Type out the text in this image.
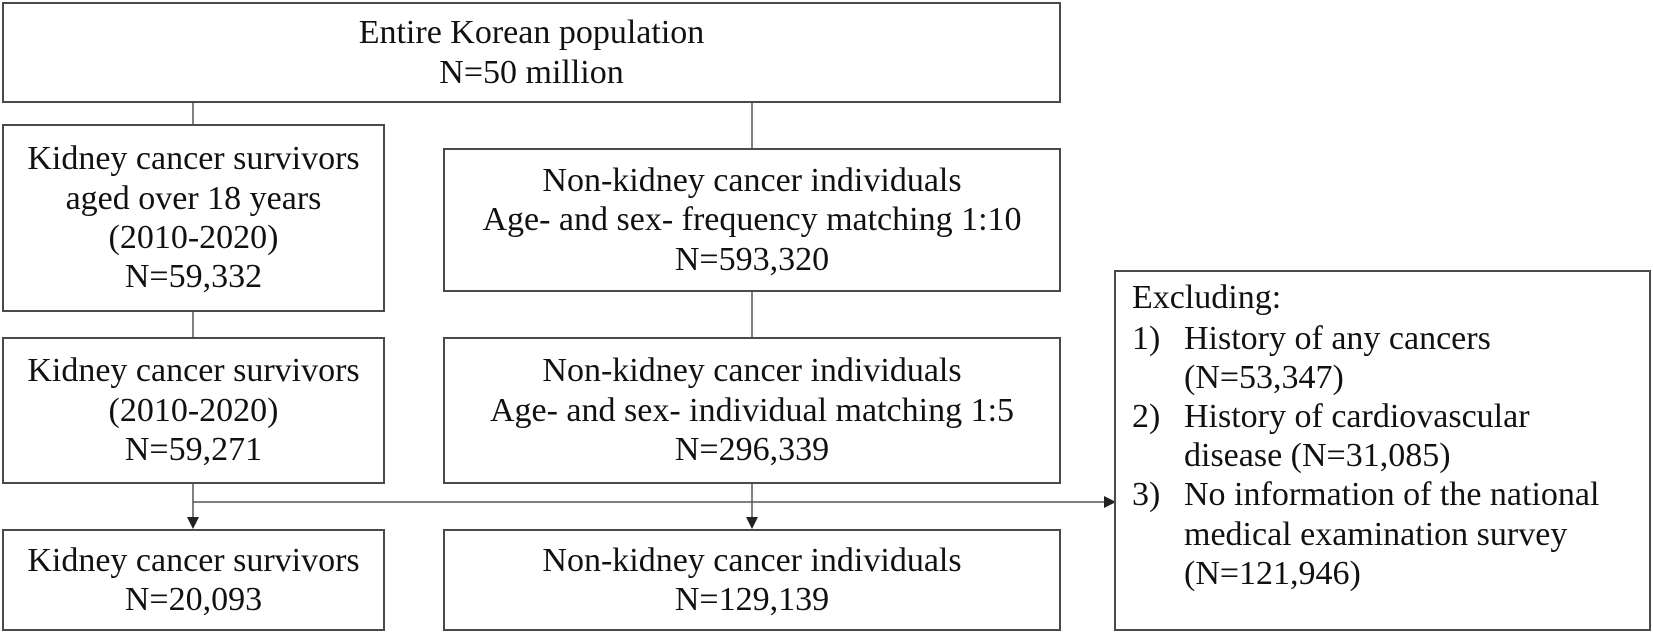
Entire Korean population
N=50 million
Kidney cancer survivors
aged over 18 years
(2010-2020)
N=59,332
Non-kidney cancer individuals
Age- and sex- frequency matching 1:10
N=593,320
Kidney cancer survivors
(2010-2020)
N=59,271
Non-kidney cancer individuals
Age- and sex- individual matching 1:5
N=296,339
Kidney cancer survivors
N=20,093
Non-kidney cancer individuals
N=129,139
Excluding:
1) History of any cancers
(N=53,347)
2) History of cardiovascular
disease (N=31,085)
3) No information of the national
medical examination survey
(N=121,946)
